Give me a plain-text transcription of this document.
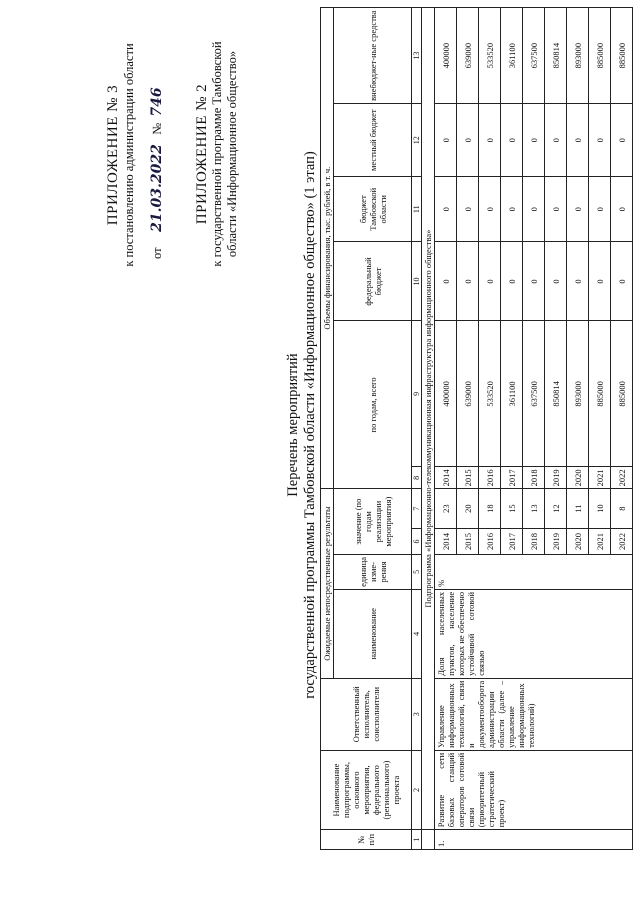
ПРИЛОЖЕНИЕ № 3 к постановлению администрации области от     21.03.2022   №  746 ПРИЛОЖЕНИЕ № 2 к государственной программе Тамбовской области «Информационное общество»
Перечень мероприятий государственной программы Тамбовской области «Информационное общество» (1 этап)
№ п/п	Наименование подпрограммы, основного мероприятия, федерального (регионального) проекта	Ответственный исполнитель, соисполнители	Ожидаемые непосредственные результаты				Объемы финансирования, тыс. рублей, в т. ч.					
			наименование	единица изме-рения	значение (по годам реализации мероприятия)		по годам, всего		федеральный бюджет	бюджет Тамбовской области	местный бюджет	внебюджет-ные средства
1	2	3	4	5	6	7	8	9	10	11	12	13
	Подпрограмма «Информационно-телекоммуникационная инфраструктура информационного общества»											
1.	Развитие сети базовых станций операторов сотовой связи (приоритетный стратегический проект)	Управление информационных технологий, связи и документооборота администрации области (далее – управление информационных технологий)	Доля населенных пунктов, население которых не обеспечено устойчивой сотовой связью	%	2014	23	2014	400000	0	0	0	400000
					2015	20	2015	639000	0	0	0	639000
					2016	18	2016	533520	0	0	0	533520
					2017	15	2017	361100	0	0	0	361100
					2018	13	2018	637500	0	0	0	637500
					2019	12	2019	850814	0	0	0	850814
					2020	11	2020	893000	0	0	0	893000
					2021	10	2021	885000	0	0	0	885000
					2022	8	2022	885000	0	0	0	885000
